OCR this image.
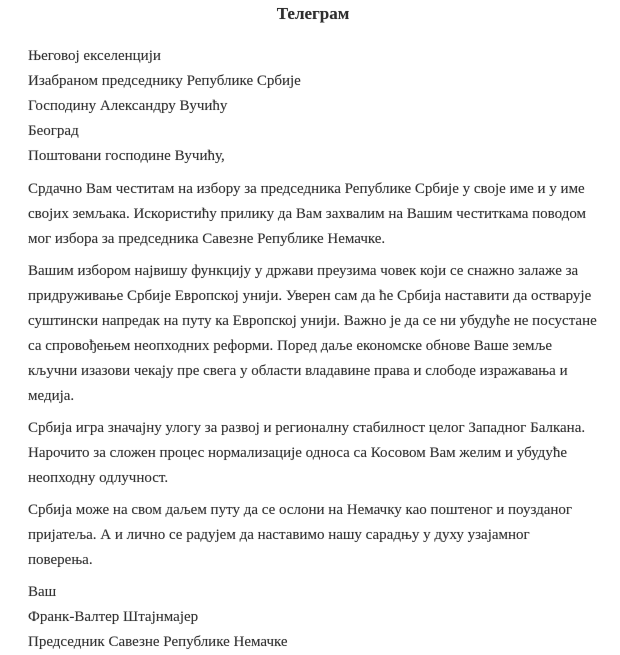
Телеграм
Његовој екселенцији
Изабраном председнику Републике Србије
Господину Александру Вучићу
Београд
Поштовани господине Вучићу,

Срдачно Вам честитам на избору за председника Републике Србије у своје име и у име својих земљака. Искористићу прилику да Вам захвалим на Вашим честиткама поводом мог избора за председника Савезне Републике Немачке.

Вашим избором највишу функцију у држави преузима човек који се снажно залаже за придруживање Србије Европској унији. Уверен сам да ће Србија наставити да остварује суштински напредак на путу ка Европској унији. Важно је да се ни убудуће не посустане са спровођењем неопходних реформи. Поред даље економске обнове Ваше земље кључни изазови чекају пре свега у области владавине права и слободе изражавања и медија.

Србија игра значајну улогу за развој и регионалну стабилност целог Западног Балкана. Нарочито за сложен процес нормализације односа са Косовом Вам желим и убудуће неопходну одлучност.

Србија може на свом даљем путу да се ослони на Немачку као поштеног и поузданог пријатеља. А и лично се радујем да наставимо нашу сарадњу у духу узајамног поверења.

Ваш
Франк-Валтер Штајнмајер
Председник Савезне Републике Немачке
